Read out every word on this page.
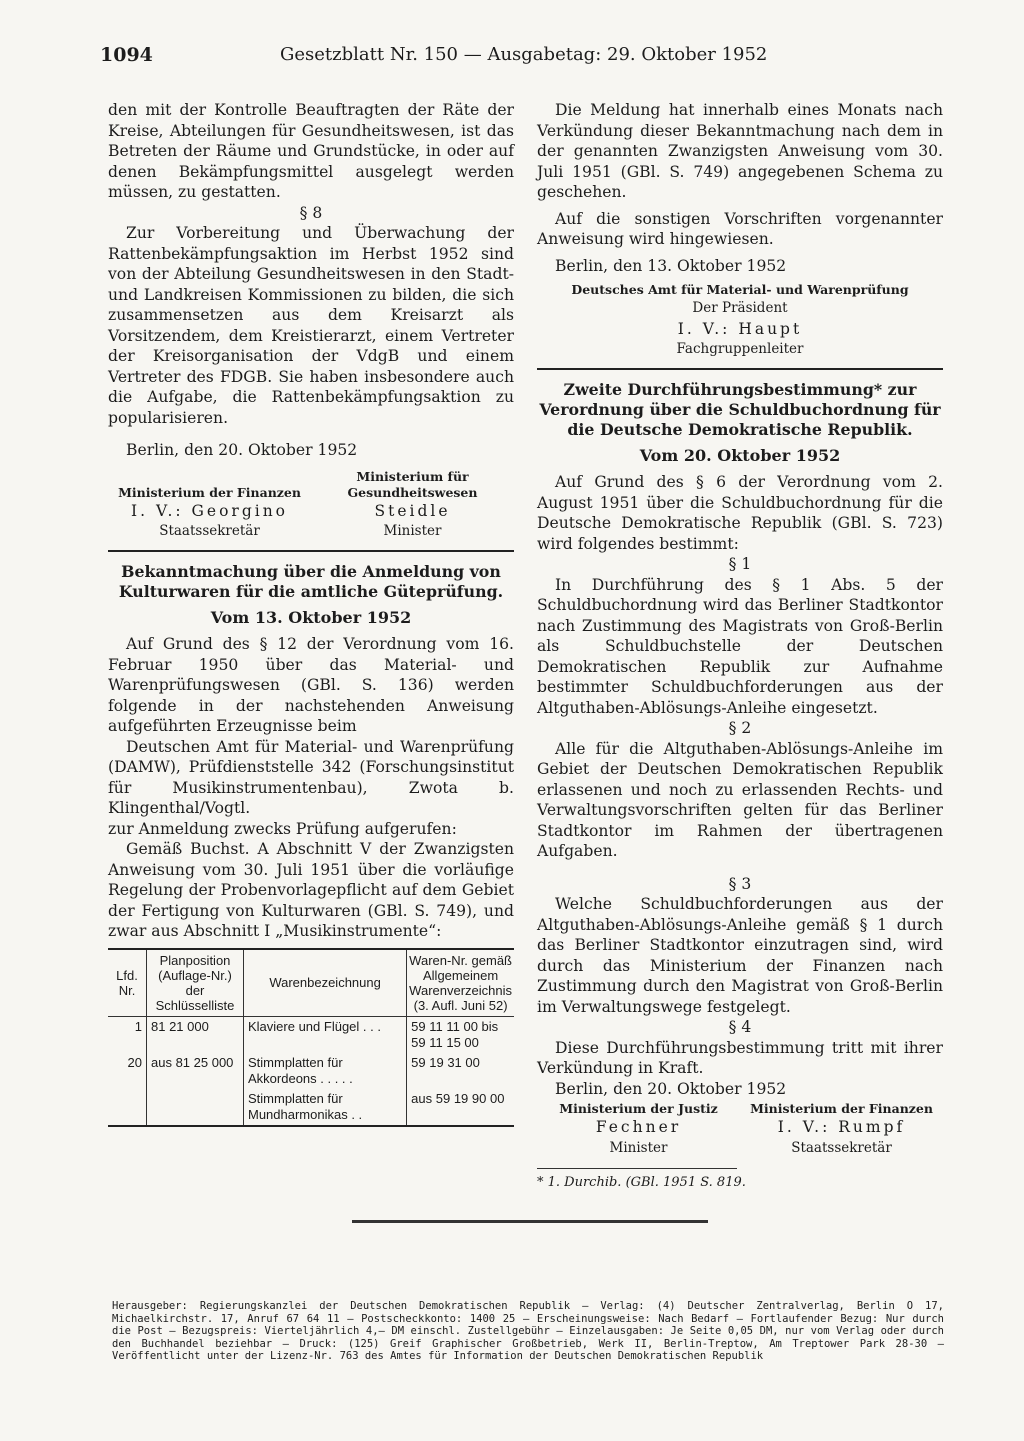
1094	Gesetzblatt Nr. 150 — Ausgabetag: 29. Oktober 1952

den mit der Kontrolle Beauftragten der Räte der Kreise, Abteilungen für Gesundheitswesen, ist das Betreten der Räume und Grundstücke, in oder auf denen Bekämpfungsmittel ausgelegt werden müssen, zu gestatten.

§ 8

Zur Vorbereitung und Überwachung der Rattenbekämpfungsaktion im Herbst 1952 sind von der Abteilung Gesundheitswesen in den Stadt- und Landkreisen Kommissionen zu bilden, die sich zusammensetzen aus dem Kreisarzt als Vorsitzendem, dem Kreistierarzt, einem Vertreter der Kreisorganisation der VdgB und einem Vertreter des FDGB. Sie haben insbesondere auch die Aufgabe, die Rattenbekämpfungsaktion zu popularisieren.

Berlin, den 20. Oktober 1952

Ministerium der Finanzen
I. V.: Georgino
Staatssekretär
Ministerium für Gesundheitswesen
Steidle
Minister
Bekanntmachung über die Anmeldung von Kulturwaren für die amtliche Güteprüfung.
Vom 13. Oktober 1952

Auf Grund des § 12 der Verordnung vom 16. Februar 1950 über das Material- und Warenprüfungswesen (GBl. S. 136) werden folgende in der nachstehenden Anweisung aufgeführten Erzeugnisse beim

Deutschen Amt für Material- und Warenprüfung (DAMW), Prüfdienststelle 342 (Forschungsinstitut für Musikinstrumentenbau), Zwota b. Klingenthal/Vogtl.

zur Anmeldung zwecks Prüfung aufgerufen:

Gemäß Buchst. A Abschnitt V der Zwanzigsten Anweisung vom 30. Juli 1951 über die vorläufige Regelung der Probenvorlagepflicht auf dem Gebiet der Fertigung von Kulturwaren (GBl. S. 749), und zwar aus Abschnitt I „Musikinstrumente“:

Lfd. Nr.	Planposition (Auflage-Nr.) der Schlüsselliste	Warenbezeichnung	Waren-Nr. gemäß Allgemeinem Warenverzeichnis (3. Aufl. Juni 52)
1	81 21 000	Klaviere und Flügel . . .	59 11 11 00 bis 59 11 15 00
20	aus 81 25 000	Stimmplatten für Akkordeons . . . . .	59 19 31 00
		Stimmplatten für Mundharmonikas . .	aus 59 19 90 00

Die Meldung hat innerhalb eines Monats nach Verkündung dieser Bekanntmachung nach dem in der genannten Zwanzigsten Anweisung vom 30. Juli 1951 (GBl. S. 749) angegebenen Schema zu geschehen.

Auf die sonstigen Vorschriften vorgenannter Anweisung wird hingewiesen.

Berlin, den 13. Oktober 1952

Deutsches Amt für Material- und Warenprüfung
Der Präsident
I. V.: Haupt
Fachgruppenleiter
Zweite Durchführungsbestimmung* zur Verordnung über die Schuldbuchordnung für die Deutsche Demokratische Republik.
Vom 20. Oktober 1952

Auf Grund des § 6 der Verordnung vom 2. August 1951 über die Schuldbuchordnung für die Deutsche Demokratische Republik (GBl. S. 723) wird folgendes bestimmt:

§ 1

In Durchführung des § 1 Abs. 5 der Schuldbuchordnung wird das Berliner Stadtkontor nach Zustimmung des Magistrats von Groß-Berlin als Schuldbuchstelle der Deutschen Demokratischen Republik zur Aufnahme bestimmter Schuldbuchforderungen aus der Altguthaben-Ablösungs-Anleihe eingesetzt.

§ 2

Alle für die Altguthaben-Ablösungs-Anleihe im Gebiet der Deutschen Demokratischen Republik erlassenen und noch zu erlassenden Rechts- und Verwaltungsvorschriften gelten für das Berliner Stadtkontor im Rahmen der übertragenen Aufgaben.

§ 3

Welche Schuldbuchforderungen aus der Altguthaben-Ablösungs-Anleihe gemäß § 1 durch das Berliner Stadtkontor einzutragen sind, wird durch das Ministerium der Finanzen nach Zustimmung durch den Magistrat von Groß-Berlin im Verwaltungswege festgelegt.

§ 4

Diese Durchführungsbestimmung tritt mit ihrer Verkündung in Kraft.

Berlin, den 20. Oktober 1952

Ministerium der Justiz
Fechner
Minister
Ministerium der Finanzen
I. V.: Rumpf
Staatssekretär
* 1. Durchib. (GBl. 1951 S. 819.
Herausgeber: Regierungskanzlei der Deutschen Demokratischen Republik — Verlag: (4) Deutscher Zentralverlag, Berlin O 17, Michaelkirchstr. 17, Anruf 67 64 11 — Postscheckkonto: 1400 25 — Erscheinungsweise: Nach Bedarf — Fortlaufender Bezug: Nur durch die Post — Bezugspreis: Vierteljährlich 4,— DM einschl. Zustellgebühr — Einzelausgaben: Je Seite 0,05 DM, nur vom Verlag oder durch den Buchhandel beziehbar — Druck: (125) Greif Graphischer Großbetrieb, Werk II, Berlin-Treptow, Am Treptower Park 28-30 — Veröffentlicht unter der Lizenz-Nr. 763 des Amtes für Information der Deutschen Demokratischen Republik
